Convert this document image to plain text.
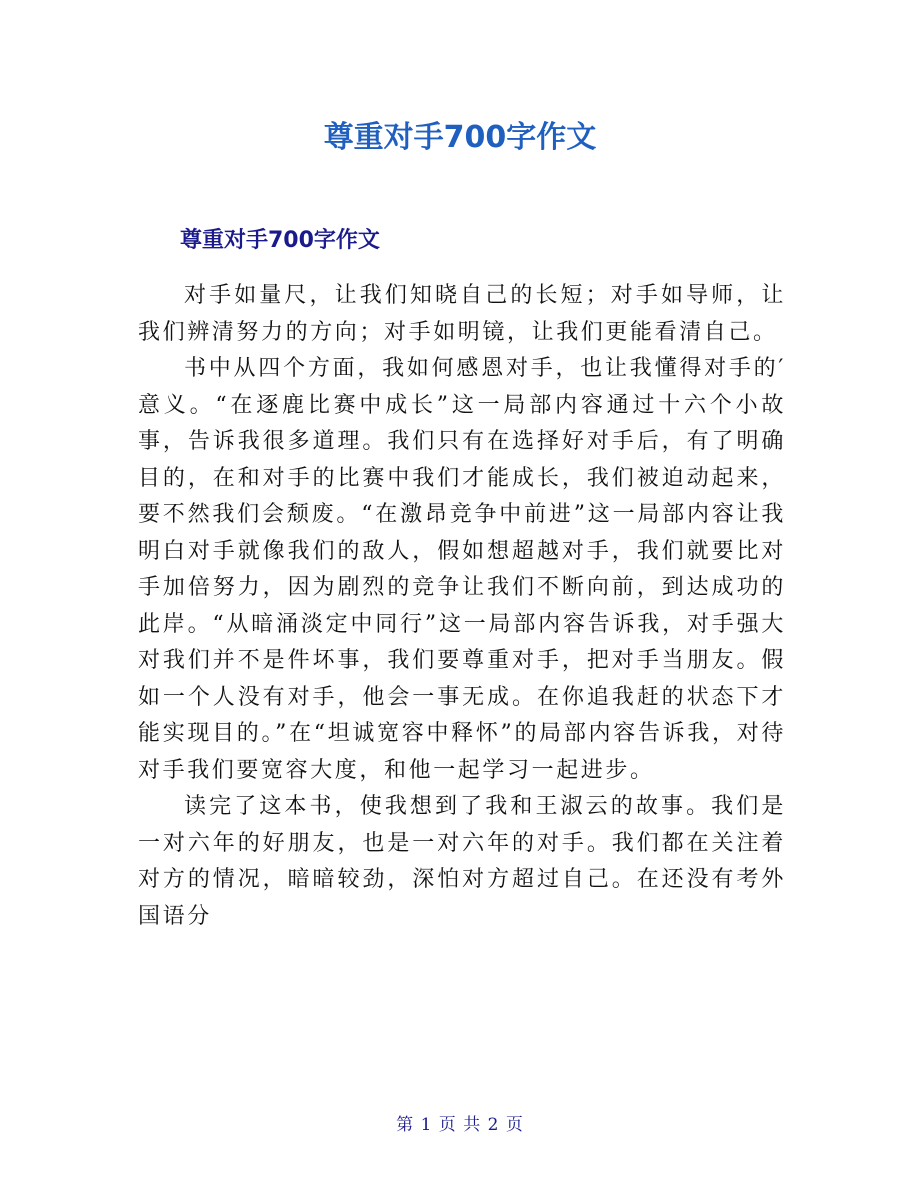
尊重对手700字作文
尊重对手700字作文

对手如量尺，让我们知晓自己的长短；对手如导师，让我们辨清努力的方向；对手如明镜，让我们更能看清自己。

书中从四个方面，我如何感恩对手，也让我懂得对手的′意义。“在逐鹿比赛中成长”这一局部内容通过十六个小故事，告诉我很多道理。我们只有在选择好对手后，有了明确目的，在和对手的比赛中我们才能成长，我们被迫动起来，要不然我们会颓废。“在激昂竞争中前进”这一局部内容让我明白对手就像我们的敌人，假如想超越对手，我们就要比对手加倍努力，因为剧烈的竞争让我们不断向前，到达成功的此岸。“从暗涌淡定中同行”这一局部内容告诉我，对手强大对我们并不是件坏事，我们要尊重对手，把对手当朋友。假如一个人没有对手，他会一事无成。在你追我赶的状态下才能实现目的。”在“坦诚宽容中释怀”的局部内容告诉我，对待对手我们要宽容大度，和他一起学习一起进步。

读完了这本书，使我想到了我和王淑云的故事。我们是一对六年的好朋友，也是一对六年的对手。我们都在关注着对方的情况，暗暗较劲，深怕对方超过自己。在还没有考外国语分

第 1 页 共 2 页
